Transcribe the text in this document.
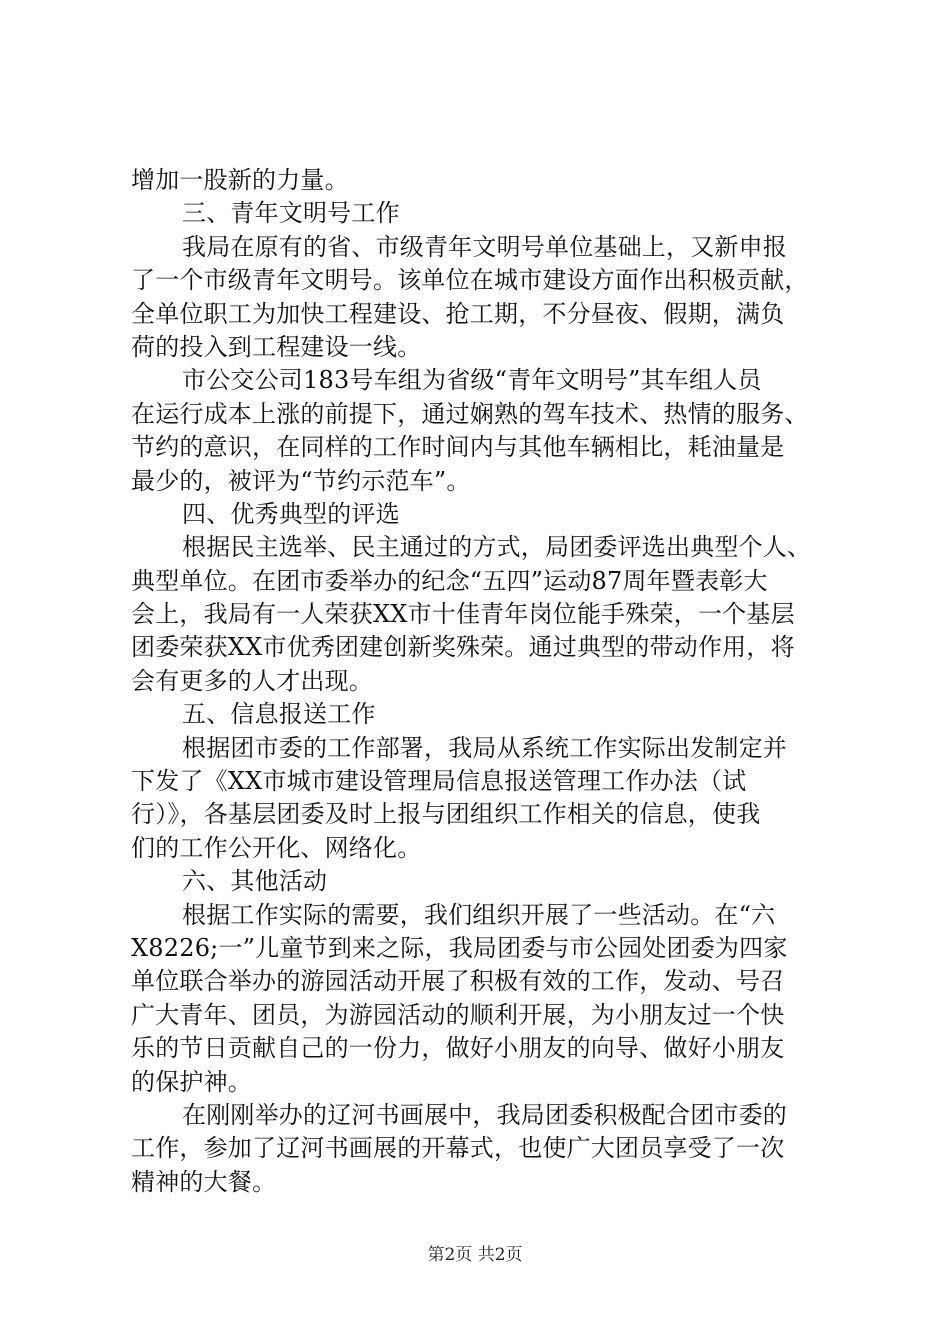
增加一股新的力量。
三、青年文明号工作
我局在原有的省、市级青年文明号单位基础上，又新申报
了一个市级青年文明号。该单位在城市建设方面作出积极贡献，
全单位职工为加快工程建设、抢工期，不分昼夜、假期，满负
荷的投入到工程建设一线。
市公交公司183号车组为省级“青年文明号”其车组人员
在运行成本上涨的前提下，通过娴熟的驾车技术、热情的服务、
节约的意识，在同样的工作时间内与其他车辆相比，耗油量是
最少的，被评为“节约示范车”。
四、优秀典型的评选
根据民主选举、民主通过的方式，局团委评选出典型个人、
典型单位。在团市委举办的纪念“五四”运动87周年暨表彰大
会上，我局有一人荣获XX市十佳青年岗位能手殊荣，一个基层
团委荣获XX市优秀团建创新奖殊荣。通过典型的带动作用，将
会有更多的人才出现。
五、信息报送工作
根据团市委的工作部署，我局从系统工作实际出发制定并
下发了《XX市城市建设管理局信息报送管理工作办法（试
行）》，各基层团委及时上报与团组织工作相关的信息，使我
们的工作公开化、网络化。
六、其他活动
根据工作实际的需要，我们组织开展了一些活动。在“六
X8226;一”儿童节到来之际，我局团委与市公园处团委为四家
单位联合举办的游园活动开展了积极有效的工作，发动、号召
广大青年、团员，为游园活动的顺利开展，为小朋友过一个快
乐的节日贡献自己的一份力，做好小朋友的向导、做好小朋友
的保护神。
在刚刚举办的辽河书画展中，我局团委积极配合团市委的
工作，参加了辽河书画展的开幕式，也使广大团员享受了一次
精神的大餐。
第2页 共2页
